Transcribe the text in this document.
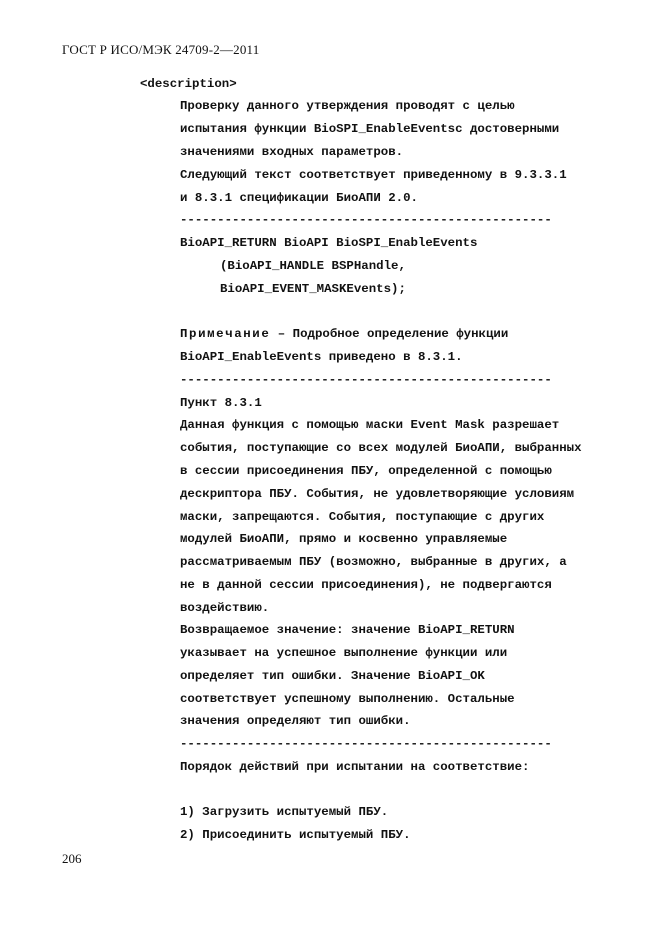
ГОСТ Р ИСО/МЭК 24709-2—2011

<description>

Проверку данного утверждения проводят с целью

испытания функции BioSPI_EnableEventsс достоверными

значениями входных параметров.

Следующий текст соответствует приведенному в 9.3.3.1

и 8.3.1 спецификации БиоАПИ 2.0.

--------------------------------------------------

BioAPI_RETURN BioAPI BioSPI_EnableEvents

(BioAPI_HANDLE BSPHandle,

BioAPI_EVENT_MASKEvents);

Примечание – Подробное определение функции

BioAPI_EnableEvents приведено в 8.3.1.

--------------------------------------------------

Пункт 8.3.1

Данная функция с помощью маски Event Mask разрешает

события, поступающие со всех модулей БиоАПИ, выбранных

в сессии присоединения ПБУ, определенной с помощью

дескриптора ПБУ. События, не удовлетворяющие условиям

маски, запрещаются. События, поступающие с других

модулей БиоАПИ, прямо и косвенно управляемые

рассматриваемым ПБУ (возможно, выбранные в других, а

не в данной сессии присоединения), не подвергаются

воздействию.

Возвращаемое значение: значение BioAPI_RETURN

указывает на успешное выполнение функции или

определяет тип ошибки. Значение BioAPI_OK

соответствует успешному выполнению. Остальные

значения определяют тип ошибки.

--------------------------------------------------

Порядок действий при испытании на соответствие:

1) Загрузить испытуемый ПБУ.

2) Присоединить испытуемый ПБУ.

206
